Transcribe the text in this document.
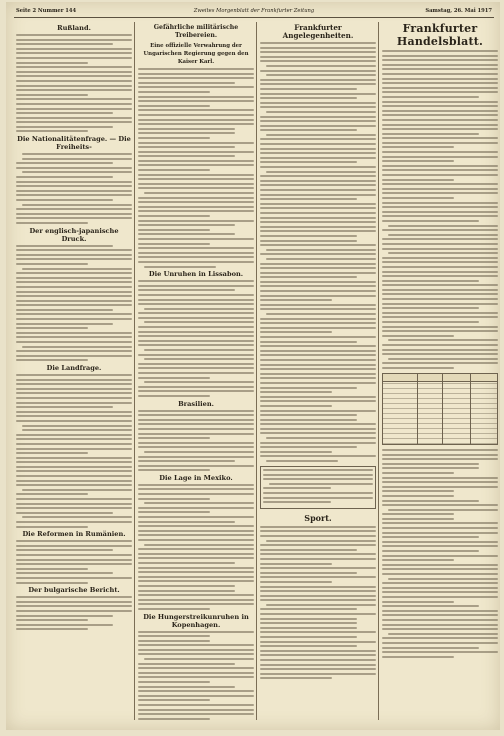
Seite 2 Nummer 144	Zweites Morgenblatt der Frankfurter Zeitung	Samstag, 26. Mai 1917
Rußland.
Die Nationalitätenfrage. — Die Freiheits-
Der englisch-japanische Druck.
Die Landfrage.
Die Reformen in Rumänien.
Der bulgarische Bericht.
Gefährliche militärische Treibereien.
Eine offizielle Verwahrung der Ungarischen Regierung gegen den Kaiser Karl.
Die Unruhen in Lissabon.
Brasilien.
Die Lage in Mexiko.
Die Hungerstreikunruhen in Kopenhagen.
Frankfurter Angelegenheiten.
Sport.
Frankfurter Handelsblatt.
